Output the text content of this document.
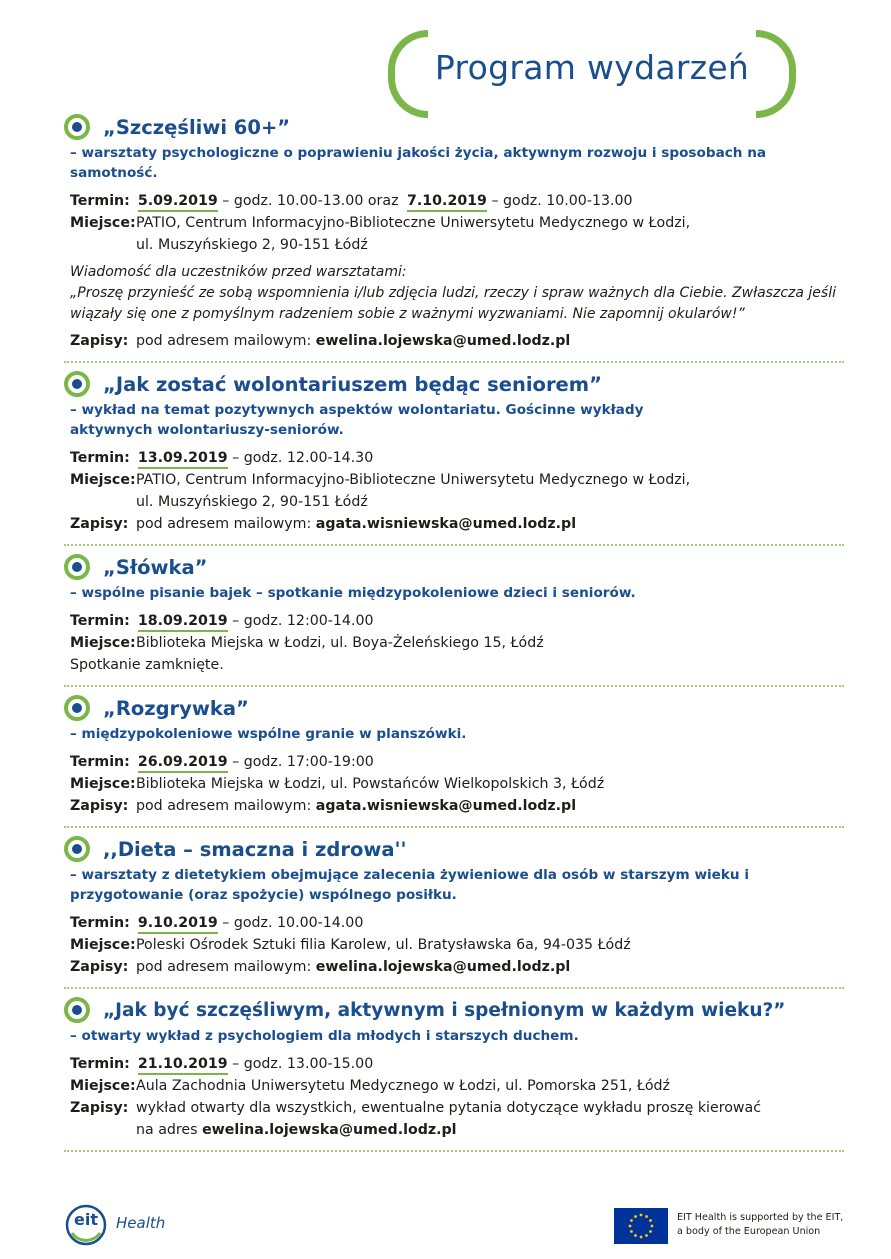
Program wydarzeń
„Szczęśliwi 60+”
– warsztaty psychologiczne o poprawieniu jakości życia, aktywnym rozwoju i sposobach na samotność.
Termin: 5.09.2019 – godz. 10.00-13.00 oraz 7.10.2019 – godz. 10.00-13.00
Miejsce: PATIO, Centrum Informacyjno-Biblioteczne Uniwersytetu Medycznego w Łodzi,
ul. Muszyńskiego 2, 90-151 Łódź
Wiadomość dla uczestników przed warsztatami:
„Proszę przynieść ze sobą wspomnienia i/lub zdjęcia ludzi, rzeczy i spraw ważnych dla Ciebie. Zwłaszcza jeśli wiązały się one z pomyślnym radzeniem sobie z ważnymi wyzwaniami. Nie zapomnij okularów!”
Zapisy: pod adresem mailowym: ewelina.lojewska@umed.lodz.pl
„Jak zostać wolontariuszem będąc seniorem”
– wykład na temat pozytywnych aspektów wolontariatu. Gościnne wykłady aktywnych wolontariuszy-seniorów.
Termin: 13.09.2019 – godz. 12.00-14.30
Miejsce: PATIO, Centrum Informacyjno-Biblioteczne Uniwersytetu Medycznego w Łodzi,
ul. Muszyńskiego 2, 90-151 Łódź
Zapisy: pod adresem mailowym: agata.wisniewska@umed.lodz.pl
„Słówka”
– wspólne pisanie bajek – spotkanie międzypokoleniowe dzieci i seniorów.
Termin: 18.09.2019 – godz. 12:00-14.00
Miejsce: Biblioteka Miejska w Łodzi, ul. Boya-Żeleńskiego 15, Łódź
Spotkanie zamknięte.
„Rozgrywka”
– międzypokoleniowe wspólne granie w planszówki.
Termin: 26.09.2019 – godz. 17:00-19:00
Miejsce: Biblioteka Miejska w Łodzi, ul. Powstańców Wielkopolskich 3, Łódź
Zapisy: pod adresem mailowym: agata.wisniewska@umed.lodz.pl
,,Dieta – smaczna i zdrowa''
– warsztaty z dietetykiem obejmujące zalecenia żywieniowe dla osób w starszym wieku i przygotowanie (oraz spożycie) wspólnego posiłku.
Termin: 9.10.2019 – godz. 10.00-14.00
Miejsce: Poleski Ośrodek Sztuki filia Karolew, ul. Bratysławska 6a, 94-035 Łódź
Zapisy: pod adresem mailowym: ewelina.lojewska@umed.lodz.pl
„Jak być szczęśliwym, aktywnym i spełnionym w każdym wieku?”
– otwarty wykład z psychologiem dla młodych i starszych duchem.
Termin: 21.10.2019 – godz. 13.00-15.00
Miejsce: Aula Zachodnia Uniwersytetu Medycznego w Łodzi, ul. Pomorska 251, Łódź
Zapisy: wykład otwarty dla wszystkich, ewentualne pytania dotyczące wykładu proszę kierować
na adres ewelina.lojewska@umed.lodz.pl
eit	Health	EIT Health is supported by the EIT,
a body of the European Union
